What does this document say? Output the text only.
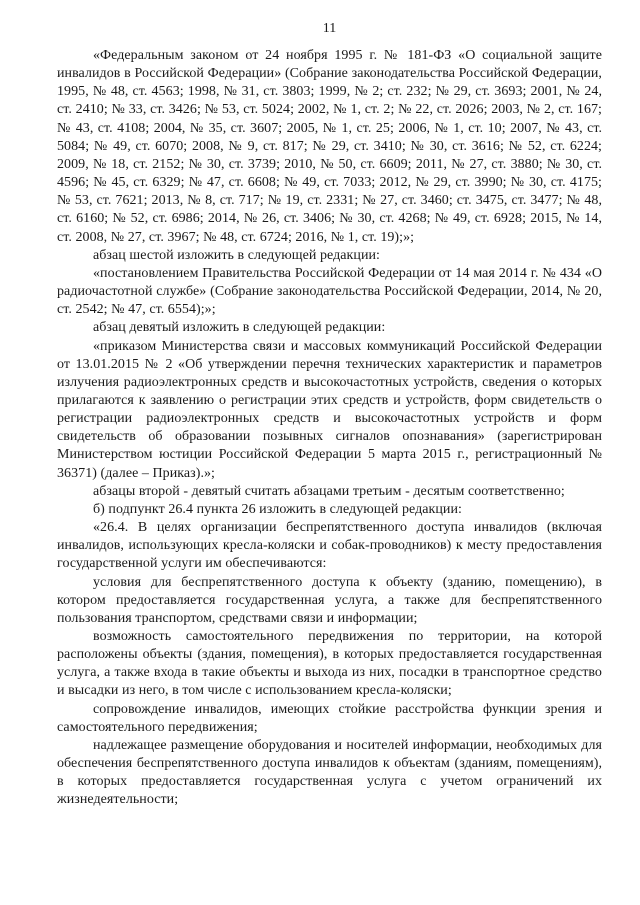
11

«Федеральным законом от 24 ноября 1995 г. № 181-ФЗ «О социальной защите инвалидов в Российской Федерации» (Собрание законодательства Российской Федерации, 1995, № 48, ст. 4563; 1998, № 31, ст. 3803; 1999, № 2; ст. 232; № 29, ст. 3693; 2001, № 24, ст. 2410; № 33, ст. 3426; № 53, ст. 5024; 2002, № 1, ст. 2; № 22, ст. 2026; 2003, № 2, ст. 167; № 43, ст. 4108; 2004, № 35, ст. 3607; 2005, № 1, ст. 25; 2006, № 1, ст. 10; 2007, № 43, ст. 5084; № 49, ст. 6070; 2008, № 9, ст. 817; № 29, ст. 3410; № 30, ст. 3616; № 52, ст. 6224; 2009, № 18, ст. 2152; № 30, ст. 3739; 2010, № 50, ст. 6609; 2011, № 27, ст. 3880; № 30, ст. 4596; № 45, ст. 6329; № 47, ст. 6608; № 49, ст. 7033; 2012, № 29, ст. 3990; № 30, ст. 4175; № 53, ст. 7621; 2013, № 8, ст. 717; № 19, ст. 2331; № 27, ст. 3460; ст. 3475, ст. 3477; № 48, ст. 6160; № 52, ст. 6986; 2014, № 26, ст. 3406; № 30, ст. 4268; № 49, ст. 6928; 2015, № 14, ст. 2008, № 27, ст. 3967; № 48, ст. 6724; 2016, № 1, ст. 19);»;

абзац шестой изложить в следующей редакции:

«постановлением Правительства Российской Федерации от 14 мая 2014 г. № 434 «О радиочастотной службе» (Собрание законодательства Российской Федерации, 2014, № 20, ст. 2542; № 47, ст. 6554);»;

абзац девятый изложить в следующей редакции:

«приказом Министерства связи и массовых коммуникаций Российской Федерации от 13.01.2015 № 2 «Об утверждении перечня технических характеристик и параметров излучения радиоэлектронных средств и высокочастотных устройств, сведения о которых прилагаются к заявлению о регистрации этих средств и устройств, форм свидетельств о регистрации радиоэлектронных средств и высокочастотных устройств и форм свидетельств об образовании позывных сигналов опознавания» (зарегистрирован Министерством юстиции Российской Федерации 5 марта 2015 г., регистрационный № 36371) (далее – Приказ).»;

абзацы второй - девятый считать абзацами третьим - десятым соответственно;

б) подпункт 26.4 пункта 26 изложить в следующей редакции:

«26.4. В целях организации беспрепятственного доступа инвалидов (включая инвалидов, использующих кресла-коляски и собак-проводников) к месту предоставления государственной услуги им обеспечиваются:

условия для беспрепятственного доступа к объекту (зданию, помещению), в котором предоставляется государственная услуга, а также для беспрепятственного пользования транспортом, средствами связи и информации;

возможность самостоятельного передвижения по территории, на которой расположены объекты (здания, помещения), в которых предоставляется государственная услуга, а также входа в такие объекты и выхода из них, посадки в транспортное средство и высадки из него, в том числе с использованием кресла-коляски;

сопровождение инвалидов, имеющих стойкие расстройства функции зрения и самостоятельного передвижения;

надлежащее размещение оборудования и носителей информации, необходимых для обеспечения беспрепятственного доступа инвалидов к объектам (зданиям, помещениям), в которых предоставляется государственная услуга с учетом ограничений их жизнедеятельности;
